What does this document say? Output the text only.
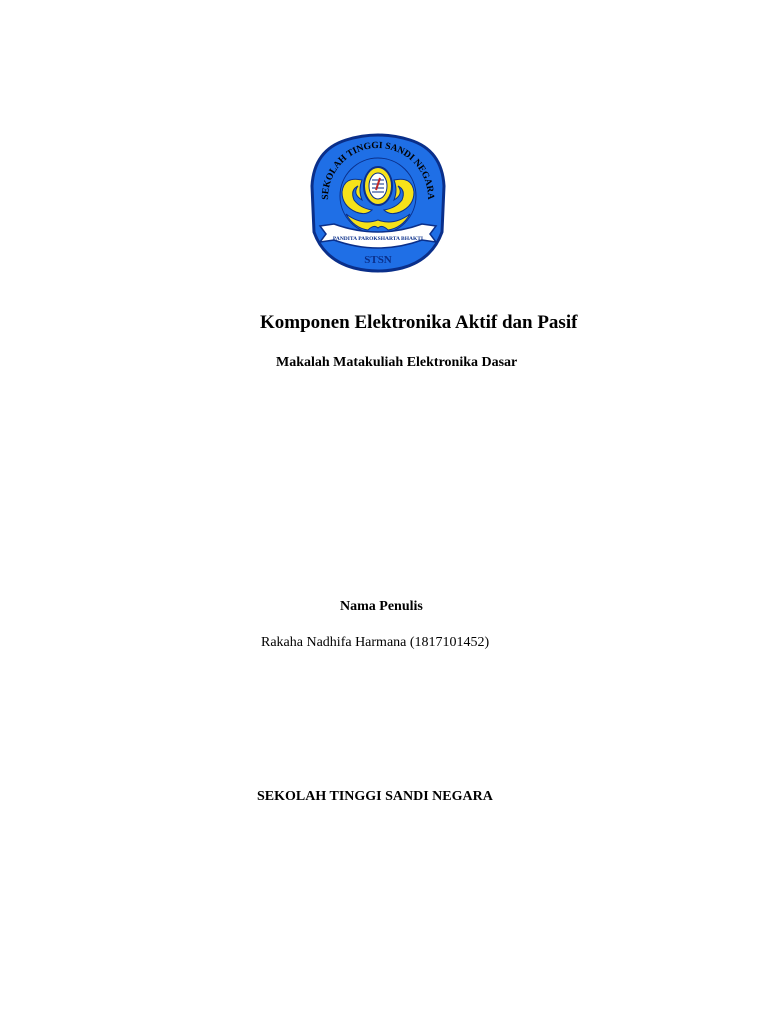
SEKOLAH TINGGI SANDI NEGARA
PANDITA PAROKSHARTA BHAKTI
STSN
Komponen Elektronika Aktif dan Pasif
Makalah Matakuliah Elektronika Dasar
Nama Penulis
Rakaha Nadhifa Harmana (1817101452)
SEKOLAH TINGGI SANDI NEGARA
